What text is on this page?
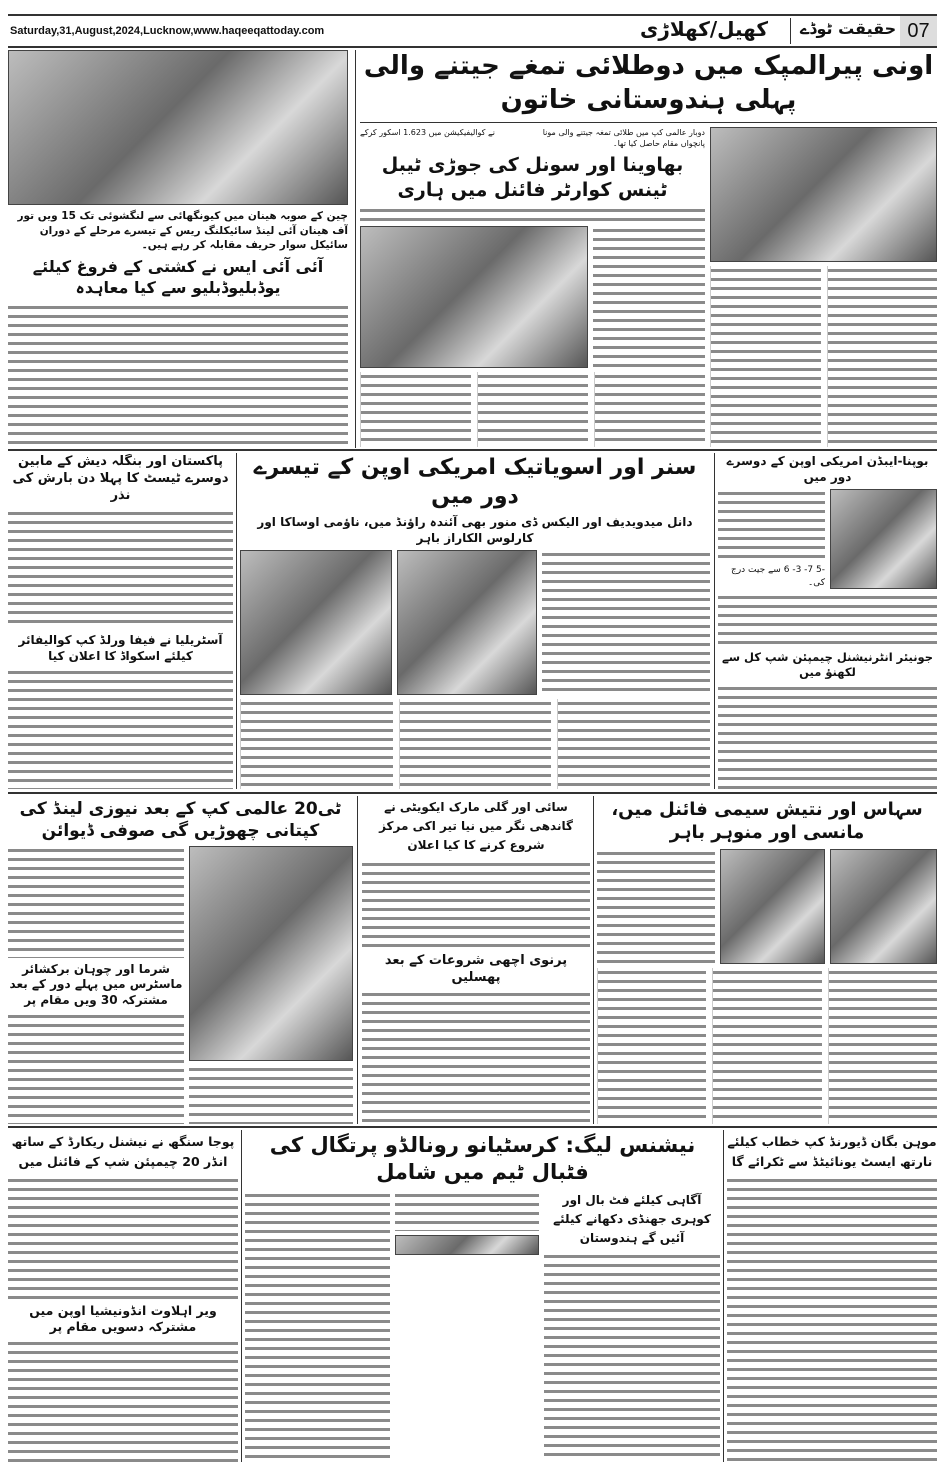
Saturday,31,August,2024,Lucknow,www.haqeeqattoday.com	07
حقیقت ٹوڈے
کھیل/کھلاڑی
چین کے صوبہ هینان میں کیونگھائی سے لنگشوئی تک 15 ویں تور آف هینان آئی لینڈ سائیکلنگ ریس کے تیسرے مرحلے کے دوران سائیکل سوار حریف مقابلہ کر رہے ہیں۔
آئی آئی ایس نے کشتی کے فروغ کیلئے یوڈبلیوڈبلیو سے کیا معاہدہ
اونی پیرالمپک میں دوطلائی تمغے جیتنے والی پہلی ہندوستانی خاتون
دوبار عالمی کپ میں طلائی تمغہ جیتنے والی مونا
نے کوالیفیکیشن میں 1.623 اسکور کرکے
پانچواں مقام حاصل کیا تھا۔
بھاوینا اور سونل کی جوڑی ٹیبل ٹینس کوارٹر فائنل میں ہاری
پاکستان اور بنگلہ دیش کے مابین دوسرے ٹیسٹ کا پہلا دن بارش کی نذر
آسٹریلیا نے فیفا ورلڈ کپ کوالیفائر کیلئے اسکواڈ کا اعلان کیا
سنر اور اسویاتیک امریکی اوپن کے تیسرے دور میں
دانل میدویدیف اور الیکس ڈی منور بھی آئندہ راؤنڈ میں، ناؤمی اوساکا اور کارلوس الکاراز باہر
بوپنا-ایبڈن امریکی اوپن کے دوسرے دور میں
-5 7- 3- 6 سے جیت درج کی۔
جونیئر انٹرنیشنل چیمپئن شپ کل سے لکھنؤ میں
ٹی20 عالمی کپ کے بعد نیوزی لینڈ کی کپتانی چھوڑیں گی صوفی ڈیوائن
شرما اور چوہان برکشائر ماسٹرس میں پہلے دور کے بعد مشترکہ 30 ویں مقام پر
سائی اور گلی مارک ایکویٹی نے گاندھی نگر میں نیا تیر اکی مرکز شروع کرنے کا کیا اعلان
پرنوی اچھی شروعات کے بعد پھسلیں
سہاس اور نتیش سیمی فائنل میں، مانسی اور منوہر باہر
پوجا سنگھ نے نیشنل ریکارڈ کے ساتھ انڈر 20 چیمپئن شپ کے فائنل میں
ویر اہلاوت انڈونیشیا اوپن میں مشترکہ دسویں مقام پر
نیشنس لیگ: کرسٹیانو رونالڈو پرتگال کی فٹبال ٹیم میں شامل
آگاہی کیلئے فٹ بال اور کوہری جھنڈی دکھانے کیلئے آئیں گے ہندوستان
موہن بگان ڈیورنڈ کپ خطاب کیلئے نارتھ ایسٹ یونائیٹڈ سے ٹکرائے گا
